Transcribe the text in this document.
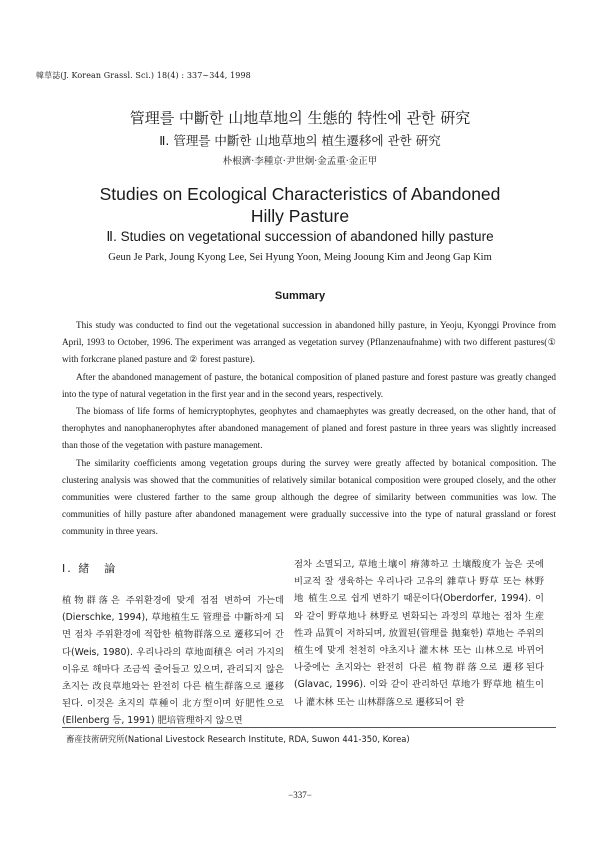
韓草誌(J. Korean Grassl. Sci.) 18(4) : 337∼344, 1998
管理를 中斷한 山地草地의 生態的 特性에 관한 硏究
Ⅱ. 管理를 中斷한 山地草地의 植生遷移에 관한 硏究
朴根濟·李種京·尹世炯·金孟重·金正甲
Studies on Ecological Characteristics of Abandoned
Hilly Pasture
Ⅱ. Studies on vegetational succession of abandoned hilly pasture
Geun Je Park, Joung Kyong Lee, Sei Hyung Yoon, Meing Jooung Kim and Jeong Gap Kim
Summary

This study was conducted to find out the vegetational succession in abandoned hilly pasture, in Yeoju, Kyonggi Province from April, 1993 to October, 1996. The experiment was arranged as vegetation survey (Pflanzenaufnahme) with two different pastures(① with forkcrane planed pasture and ② forest pasture).

After the abandoned management of pasture, the botanical composition of planed pasture and forest pasture was greatly changed into the type of natural vegetation in the first year and in the second years, respectively.

The biomass of life forms of hemicryptophytes, geophytes and chamaephytes was greatly decreased, on the other hand, that of therophytes and nanophanerophytes after abandoned management of planed and forest pasture in three years was slightly increased than those of the vegetation with pasture management.

The similarity coefficients among vegetation groups during the survey were greatly affected by botanical composition. The clustering analysis was showed that the communities of relatively similar botanical composition were grouped closely, and the other communities were clustered farther to the same group although the degree of similarity between communities was low. The communities of hilly pasture after abandoned management were gradually successive into the type of natural grassland or forest community in three years.

Ⅰ. 緒　論

植物群落은 주위환경에 맞게 점점 변하여 가는데 (Dierschke, 1994), 草地植生도 管理를 中斷하게 되면 점차 주위환경에 적합한 植物群落으로 遷移되어 간다(Weis, 1980). 우리나라의 草地面積은 여러 가지의 이유로 해마다 조금씩 줄어들고 있으며, 관리되지 않은 초지는 改良草地와는 완전히 다른 植生群落으로 遷移된다. 이것은 초지의 草種이 北方型이며 好肥性으로(Ellenberg 등, 1991) 肥培管理하지 않으면

점차 소멸되고, 草地土壤이 瘠薄하고 土壤酸度가 높은 곳에 비교적 잘 생육하는 우리나라 고유의 雜草나 野草 또는 林野地 植生으로 쉽게 변하기 때문이다(Oberdorfer, 1994). 이와 같이 野草地나 林野로 변화되는 과정의 草地는 점차 生産性과 品質이 저하되며, 放置된(管理를 抛棄한) 草地는 주위의 植生에 맞게 천천히 야초지나 灌木林 또는 山林으로 바뀌어 나중에는 초지와는 완전히 다른 植物群落으로 遷移된다(Glavac, 1996). 이와 같이 관리하던 草地가 野草地 植生이나 灌木林 또는 山林群落으로 遷移되어 완

畜産技術硏究所(National Livestock Research Institute, RDA, Suwon 441-350, Korea)
−337−
